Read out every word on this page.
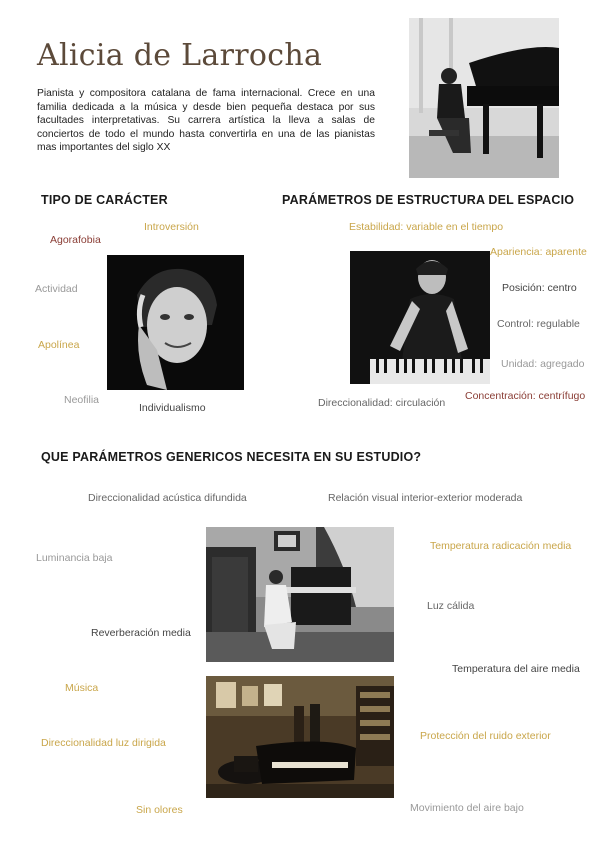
Alicia de Larrocha
Pianista y compositora catalana de fama internacional. Crece en una familia dedicada a la música y desde bien pequeña destaca por sus facultades interpretativas. Su carrera artística la lleva a salas de conciertos de todo el mundo hasta convertirla en una de las pianistas mas importantes del siglo XX
TIPO DE CARÁCTER	PARÁMETROS DE ESTRUCTURA DEL ESPACIO
Introversión
Agorafobia
Actividad
Apolínea
Neofilia
Individualismo
Estabilidad: variable en el tiempo
Apariencia: aparente
Posición: centro
Control: regulable
Unidad: agregado
Direccionalidad: circulación
Concentración: centrífugo
QUE PARÁMETROS GENERICOS NECESITA EN SU ESTUDIO?
Direccionalidad acústica difundida	Relación visual interior-exterior moderada
Luminancia baja
Temperatura radicación media
Luz cálida
Reverberación media
Temperatura del aire media
Música
Direccionalidad luz dirigida
Protección del ruido exterior
Sin olores	Movimiento del aire bajo
